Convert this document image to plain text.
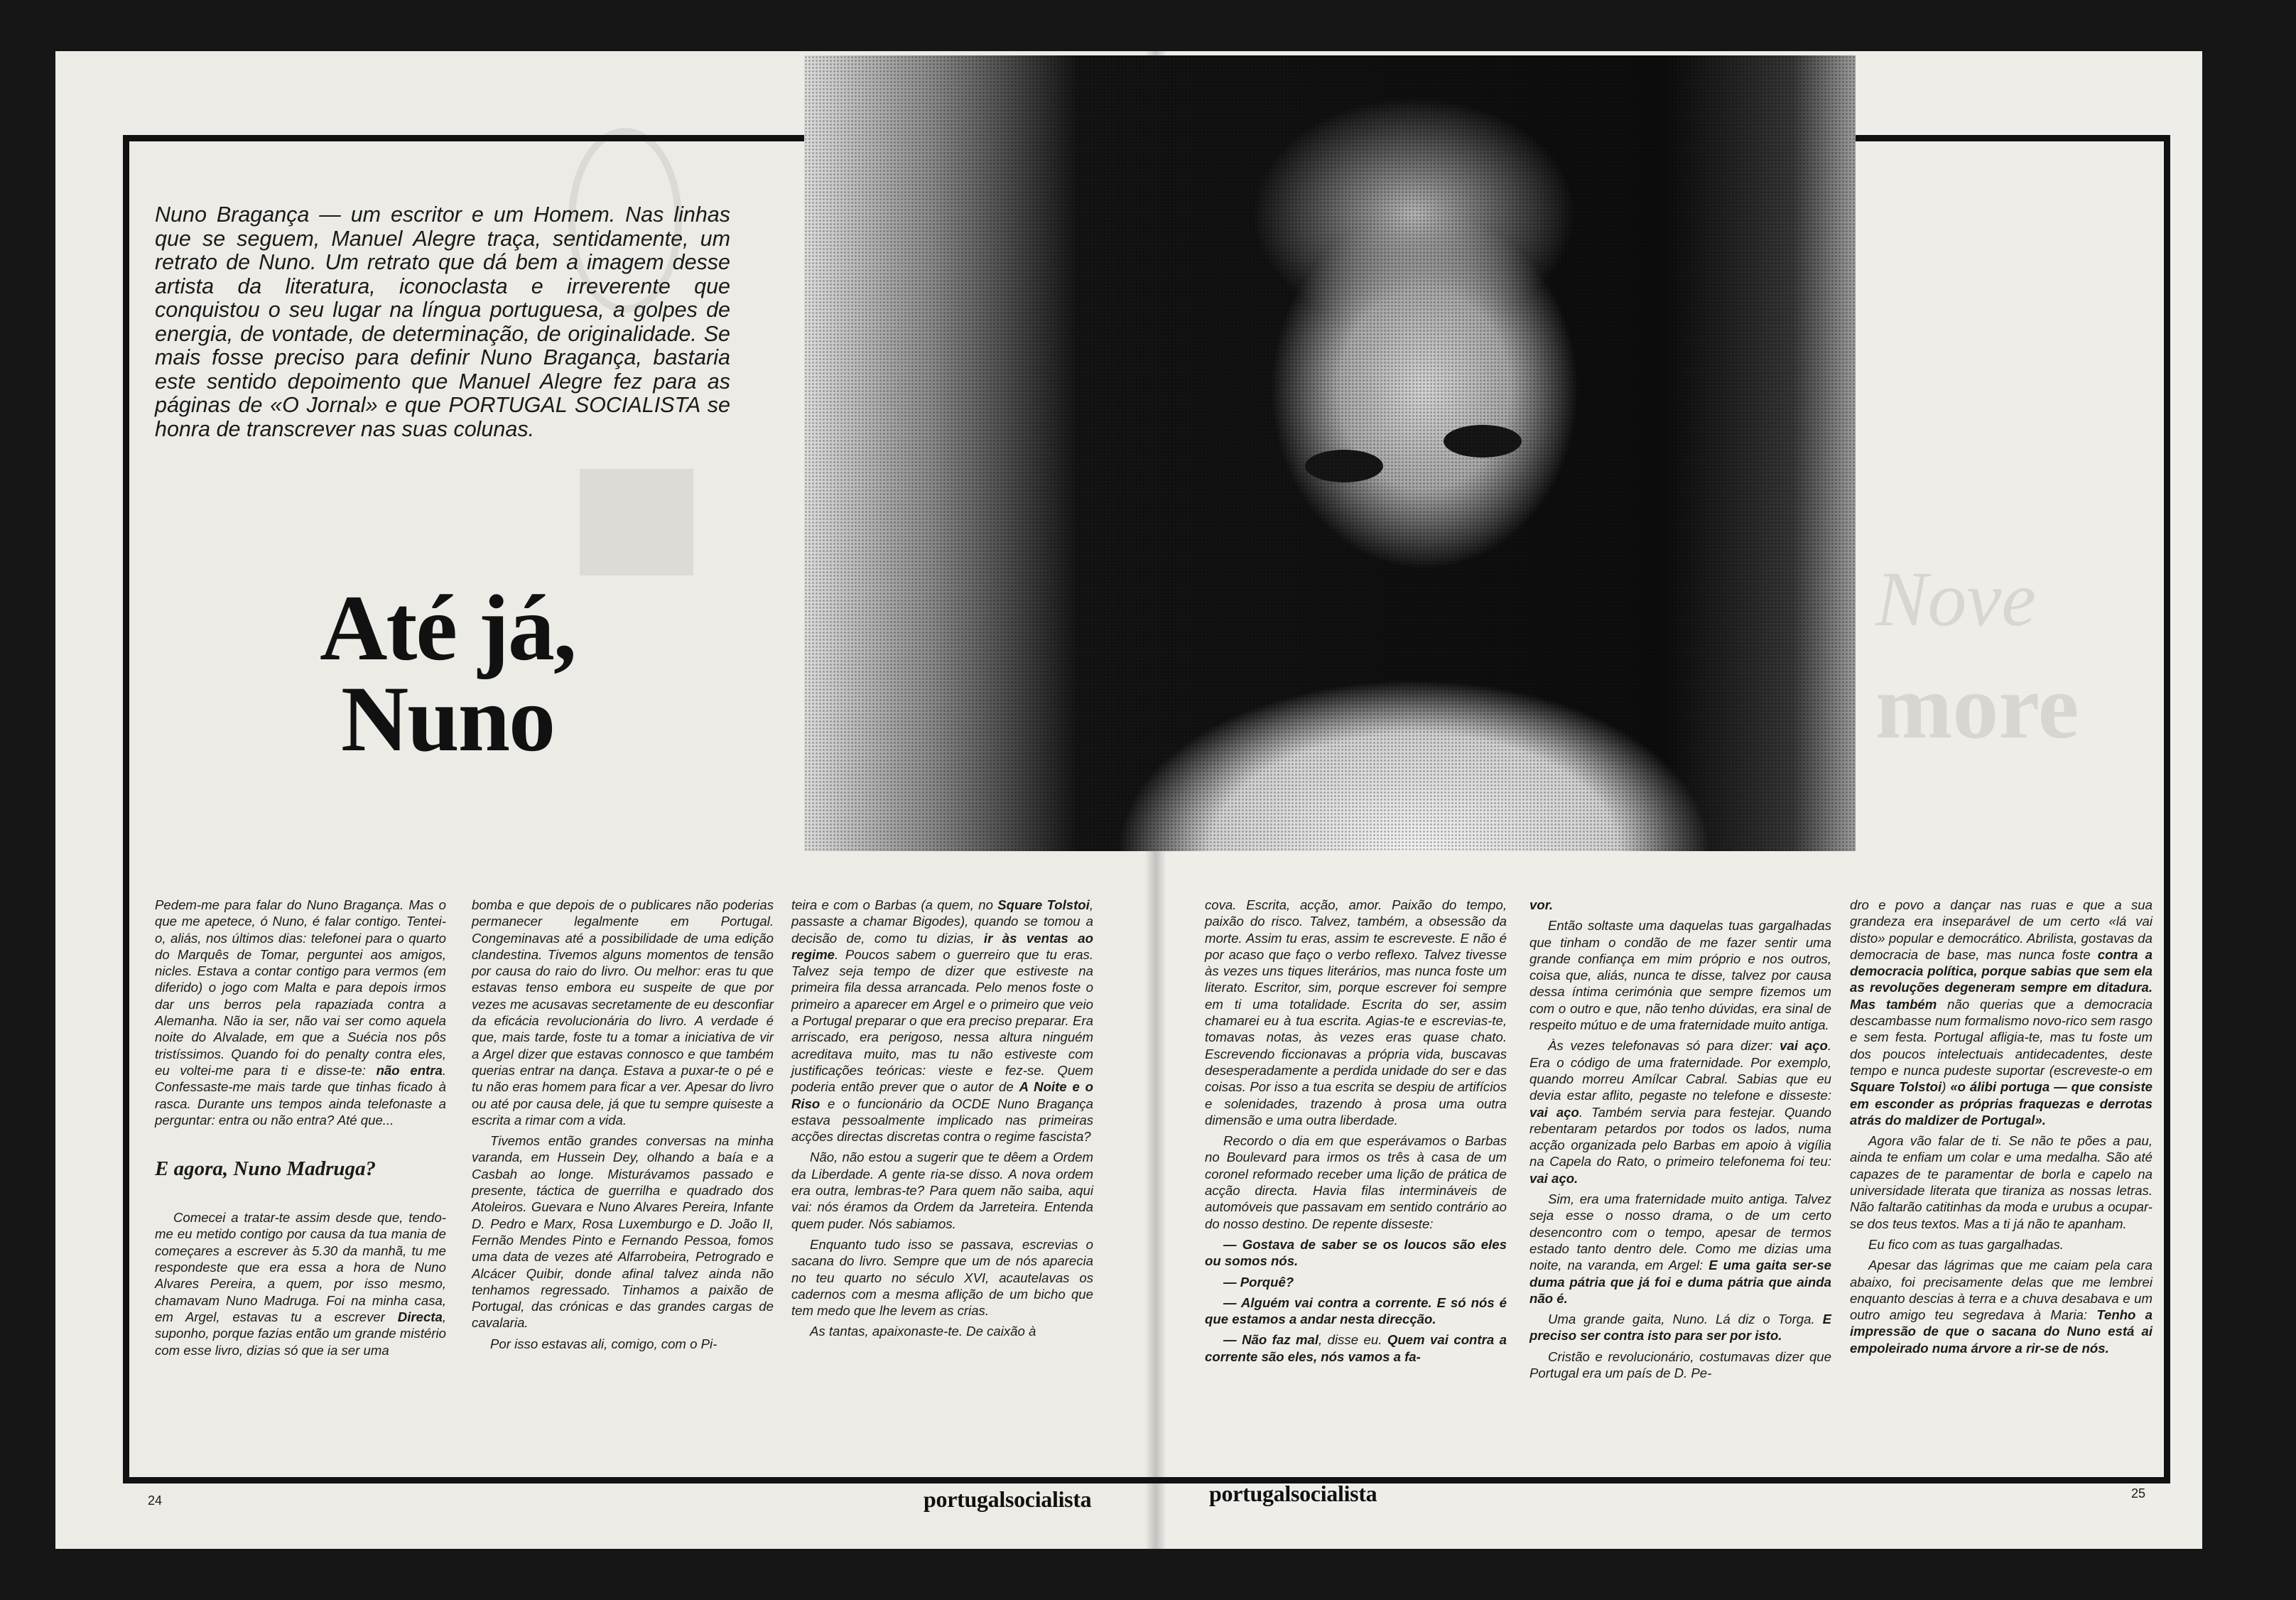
Nove
more

Nuno Bragança — um escritor e um Homem. Nas linhas que se seguem, Manuel Alegre traça, sentidamente, um retrato de Nuno. Um retrato que dá bem a imagem desse artista da literatura, iconoclasta e irreverente que conquistou o seu lugar na língua portuguesa, a golpes de energia, de vontade, de determinação, de originalidade. Se mais fosse preciso para definir Nuno Bragança, bastaria este sentido depoimento que Manuel Alegre fez para as páginas de «O Jornal» e que PORTUGAL SOCIALISTA se honra de transcrever nas suas colunas.

Até já,
Nuno

Pedem-me para falar do Nuno Bragança. Mas o que me apetece, ó Nuno, é falar contigo. Tentei-o, aliás, nos últimos dias: telefonei para o quarto do Marquês de Tomar, perguntei aos amigos, nicles. Estava a contar contigo para vermos (em diferido) o jogo com Malta e para depois irmos dar uns berros pela rapaziada contra a Alemanha. Não ia ser, não vai ser como aquela noite do Alvalade, em que a Suécia nos pôs tristíssimos. Quando foi do penalty contra eles, eu voltei-me para ti e disse-te: não entra. Confessaste-me mais tarde que tinhas ficado à rasca. Durante uns tempos ainda telefonaste a perguntar: entra ou não entra? Até que...

E agora, Nuno Madruga?

Comecei a tratar-te assim desde que, tendo-me eu metido contigo por causa da tua mania de começares a escrever às 5.30 da manhã, tu me respondeste que era essa a hora de Nuno Alvares Pereira, a quem, por isso mesmo, chamavam Nuno Madruga. Foi na minha casa, em Argel, estavas tu a escrever Directa, suponho, porque fazias então um grande mistério com esse livro, dizias só que ia ser uma

bomba e que depois de o publicares não poderias permanecer legalmente em Portugal. Congeminavas até a possibilidade de uma edição clandestina. Tivemos alguns momentos de tensão por causa do raio do livro. Ou melhor: eras tu que estavas tenso embora eu suspeite de que por vezes me acusavas secretamente de eu desconfiar da eficácia revolucionária do livro. A verdade é que, mais tarde, foste tu a tomar a iniciativa de vir a Argel dizer que estavas connosco e que também querias entrar na dança. Estava a puxar-te o pé e tu não eras homem para ficar a ver. Apesar do livro ou até por causa dele, já que tu sempre quiseste a escrita a rimar com a vida.

Tivemos então grandes conversas na minha varanda, em Hussein Dey, olhando a baía e a Casbah ao longe. Misturávamos passado e presente, táctica de guerrilha e quadrado dos Atoleiros. Guevara e Nuno Alvares Pereira, Infante D. Pedro e Marx, Rosa Luxemburgo e D. João II, Fernão Mendes Pinto e Fernando Pessoa, fomos uma data de vezes até Alfarrobeira, Petrogrado e Alcácer Quibir, donde afinal talvez ainda não tenhamos regressado. Tinhamos a paixão de Portugal, das crónicas e das grandes cargas de cavalaria.

Por isso estavas ali, comigo, com o Pi-

teira e com o Barbas (a quem, no Square Tolstoi, passaste a chamar Bigodes), quando se tomou a decisão de, como tu dizias, ir às ventas ao regime. Poucos sabem o guerreiro que tu eras. Talvez seja tempo de dizer que estiveste na primeira fila dessa arrancada. Pelo menos foste o primeiro a aparecer em Argel e o primeiro que veio a Portugal preparar o que era preciso preparar. Era arriscado, era perigoso, nessa altura ninguém acreditava muito, mas tu não estiveste com justificações teóricas: vieste e fez-se. Quem poderia então prever que o autor de A Noite e o Riso e o funcionário da OCDE Nuno Bragança estava pessoalmente implicado nas primeiras acções directas discretas contra o regime fascista?

Não, não estou a sugerir que te dêem a Ordem da Liberdade. A gente ria-se disso. A nova ordem era outra, lembras-te? Para quem não saiba, aqui vai: nós éramos da Ordem da Jarreteira. Entenda quem puder. Nós sabiamos.

Enquanto tudo isso se passava, escrevias o sacana do livro. Sempre que um de nós aparecia no teu quarto no século XVI, acautelavas os cadernos com a mesma aflição de um bicho que tem medo que lhe levem as crias.

As tantas, apaixonaste-te. De caixão à

cova. Escrita, acção, amor. Paixão do tempo, paixão do risco. Talvez, também, a obsessão da morte. Assim tu eras, assim te escreveste. E não é por acaso que faço o verbo reflexo. Talvez tivesse às vezes uns tiques literários, mas nunca foste um literato. Escritor, sim, porque escrever foi sempre em ti uma totalidade. Escrita do ser, assim chamarei eu à tua escrita. Agias-te e escrevias-te, tomavas notas, às vezes eras quase chato. Escrevendo ficcionavas a própria vida, buscavas desesperadamente a perdida unidade do ser e das coisas. Por isso a tua escrita se despiu de artifícios e solenidades, trazendo à prosa uma outra dimensão e uma outra liberdade.

Recordo o dia em que esperávamos o Barbas no Boulevard para irmos os três à casa de um coronel reformado receber uma lição de prática de acção directa. Havia filas intermináveis de automóveis que passavam em sentido contrário ao do nosso destino. De repente disseste:

— Gostava de saber se os loucos são eles ou somos nós.

— Porquê?

— Alguém vai contra a corrente. E só nós é que estamos a andar nesta direcção.

— Não faz mal, disse eu. Quem vai contra a corrente são eles, nós vamos a fa-

vor.

Então soltaste uma daquelas tuas gargalhadas que tinham o condão de me fazer sentir uma grande confiança em mim próprio e nos outros, coisa que, aliás, nunca te disse, talvez por causa dessa íntima cerimónia que sempre fizemos um com o outro e que, não tenho dúvidas, era sinal de respeito mútuo e de uma fraternidade muito antiga.

Às vezes telefonavas só para dizer: vai aço. Era o código de uma fraternidade. Por exemplo, quando morreu Amílcar Cabral. Sabias que eu devia estar aflito, pegaste no telefone e disseste: vai aço. Também servia para festejar. Quando rebentaram petardos por todos os lados, numa acção organizada pelo Barbas em apoio à vigília na Capela do Rato, o primeiro telefonema foi teu: vai aço.

Sim, era uma fraternidade muito antiga. Talvez seja esse o nosso drama, o de um certo desencontro com o tempo, apesar de termos estado tanto dentro dele. Como me dizias uma noite, na varanda, em Argel: E uma gaita ser-se duma pátria que já foi e duma pátria que ainda não é.

Uma grande gaita, Nuno. Lá diz o Torga. E preciso ser contra isto para ser por isto.

Cristão e revolucionário, costumavas dizer que Portugal era um país de D. Pe-

dro e povo a dançar nas ruas e que a sua grandeza era inseparável de um certo «lá vai disto» popular e democrático. Abrilista, gostavas da democracia de base, mas nunca foste contra a democracia política, porque sabias que sem ela as revoluções degeneram sempre em ditadura. Mas também não querias que a democracia descambasse num formalismo novo-rico sem rasgo e sem festa. Portugal afligia-te, mas tu foste um dos poucos intelectuais antidecadentes, deste tempo e nunca pudeste suportar (escreveste-o em Square Tolstoi) «o álibi portuga — que consiste em esconder as próprias fraquezas e derrotas atrás do maldizer de Portugal».

Agora vão falar de ti. Se não te pões a pau, ainda te enfiam um colar e uma medalha. São até capazes de te paramentar de borla e capelo na universidade literata que tiraniza as nossas letras. Não faltarão catitinhas da moda e urubus a ocupar-se dos teus textos. Mas a ti já não te apanham.

Eu fico com as tuas gargalhadas.

Apesar das lágrimas que me caiam pela cara abaixo, foi precisamente delas que me lembrei enquanto descias à terra e a chuva desabava e um outro amigo teu segredava à Maria: Tenho a impressão de que o sacana do Nuno está ai empoleirado numa árvore a rir-se de nós.

24	portugalsocialista	portugalsocialista	25
